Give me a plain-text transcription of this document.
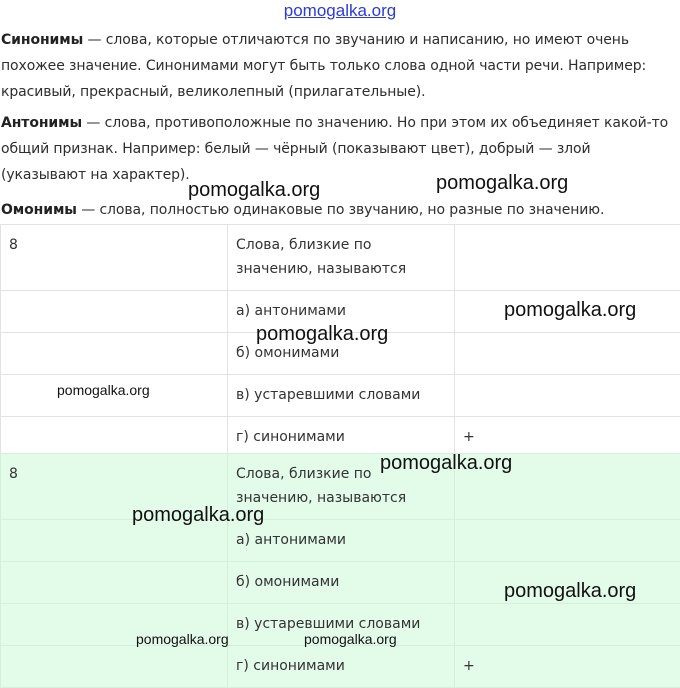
pomogalka.org

Синонимы — слова, которые отличаются по звучанию и написанию, но имеют очень похожее значение. Синонимами могут быть только слова одной части речи. Например: красивый, прекрасный, великолепный (прилагательные).

Антонимы — слова, противоположные по значению. Но при этом их объединяет какой-то общий признак. Например: белый — чёрный (показывают цвет), добрый — злой (указывают на характер).

Омонимы — слова, полностью одинаковые по звучанию, но разные по значению.

8	Слова, близкие по значению, называются	
	а) антонимами	
	б) омонимами	
	в) устаревшими словами	
	г) синонимами	+
8	Слова, близкие по значению, называются	
	а) антонимами	
	б) омонимами	
	в) устаревшими словами	
	г) синонимами	+
pomogalka.org	pomogalka.org
pomogalka.org
pomogalka.org
pomogalka.org
pomogalka.org
pomogalka.org
pomogalka.org
pomogalka.org	pomogalka.org
